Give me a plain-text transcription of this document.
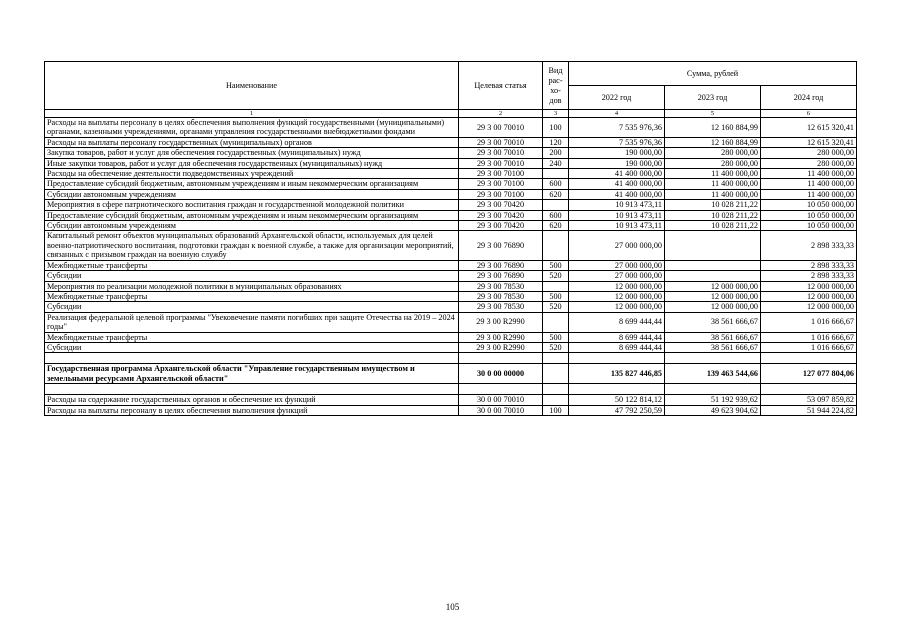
Наименование	Целевая статья	Вид рас- хо- дов	Сумма, рублей		
			2022 год	2023 год	2024 год
1	2	3	4	5	6
Расходы на выплаты персоналу в целях обеспечения выполнения функций государственными (муниципальными) органами, казенными учреждениями, органами управления государственными внебюджетными фондами	29 3 00 70010	100	7 535 976,36	12 160 884,99	12 615 320,41
Расходы на выплаты персоналу государственных (муниципальных) органов	29 3 00 70010	120	7 535 976,36	12 160 884,99	12 615 320,41
Закупка товаров, работ и услуг для обеспечения государственных (муниципальных) нужд	29 3 00 70010	200	190 000,00	280 000,00	280 000,00
Иные закупки товаров, работ и услуг для обеспечения государственных (муниципальных) нужд	29 3 00 70010	240	190 000,00	280 000,00	280 000,00
Расходы на обеспечение деятельности подведомственных учреждений	29 3 00 70100		41 400 000,00	11 400 000,00	11 400 000,00
Предоставление субсидий бюджетным, автономным учреждениям и иным некоммерческим организациям	29 3 00 70100	600	41 400 000,00	11 400 000,00	11 400 000,00
Субсидии автономным учреждениям	29 3 00 70100	620	41 400 000,00	11 400 000,00	11 400 000,00
Мероприятия в сфере патриотического воспитания граждан и государственной молодежной политики	29 3 00 70420		10 913 473,11	10 028 211,22	10 050 000,00
Предоставление субсидий бюджетным, автономным учреждениям и иным некоммерческим организациям	29 3 00 70420	600	10 913 473,11	10 028 211,22	10 050 000,00
Субсидии автономным учреждениям	29 3 00 70420	620	10 913 473,11	10 028 211,22	10 050 000,00
Капитальный ремонт объектов муниципальных образований Архангельской области, используемых для целей военно-патриотического воспитания, подготовки граждан к военной службе, а также для организации мероприятий, связанных с призывом граждан на военную службу	29 3 00 76890		27 000 000,00		2 898 333,33
Межбюджетные трансферты	29 3 00 76890	500	27 000 000,00		2 898 333,33
Субсидии	29 3 00 76890	520	27 000 000,00		2 898 333,33
Мероприятия по реализации молодежной политики в муниципальных образованиях	29 3 00 78530		12 000 000,00	12 000 000,00	12 000 000,00
Межбюджетные трансферты	29 3 00 78530	500	12 000 000,00	12 000 000,00	12 000 000,00
Субсидии	29 3 00 78530	520	12 000 000,00	12 000 000,00	12 000 000,00
Реализация федеральной целевой программы "Увековечение памяти погибших при защите Отечества на 2019 – 2024 годы"	29 3 00 R2990		8 699 444,44	38 561 666,67	1 016 666,67
Межбюджетные трансферты	29 3 00 R2990	500	8 699 444,44	38 561 666,67	1 016 666,67
Субсидии	29 3 00 R2990	520	8 699 444,44	38 561 666,67	1 016 666,67

Государственная программа Архангельской области "Управление государственным имуществом и земельными ресурсами Архангельской области"	30 0 00 00000		135 827 446,85	139 463 544,66	127 077 804,06

Расходы на содержание государственных органов и обеспечение их функций	30 0 00 70010		50 122 814,12	51 192 939,62	53 097 859,82
Расходы на выплаты персоналу в целях обеспечения выполнения функций	30 0 00 70010	100	47 792 250,59	49 623 904,62	51 944 224,82
105
